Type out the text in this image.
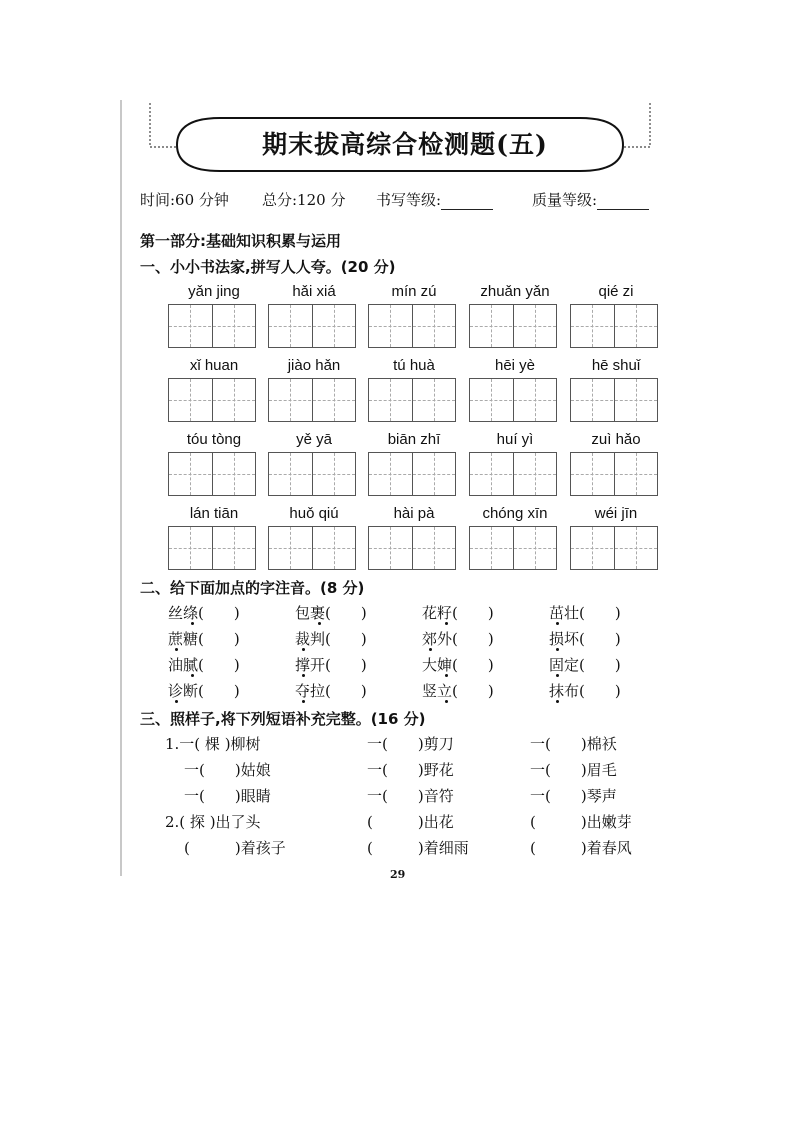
期末拔高综合检测题(五)
时间:60 分钟 总分:120 分 书写等级:	质量等级:
第一部分:基础知识积累与运用
一、小小书法家,拼写人人夸。(20 分)
yǎn jing	hǎi xiá	mín zú	zhuǎn yǎn	qié zi
xǐ huan	jiào hǎn	tú huà	hēi yè	hē shuǐ
tóu tòng	yě yā	biān zhī	huí yì	zuì hǎo
lán tiān	huǒ qiú	hài pà	chóng xīn	wéi jīn
二、给下面加点的字注音。(8 分)
丝绦(　　)	包裹(　　)	花籽(　　)	茁壮(　　)
蔗糖(　　)	裁判(　　)	郊外(　　)	损坏(　　)
油腻(　　)	撑开(　　)	大婶(　　)	固定(　　)
诊断(　　)	夺拉(　　)	竖立(　　)	抹布(　　)
三、照样子,将下列短语补充完整。(16 分)
1.一( 棵 )柳树	一(　　)剪刀	一(　　)棉袄
一(　　)姑娘	一(　　)野花	一(　　)眉毛
一(　　)眼睛	一(　　)音符	一(　　)琴声
2.( 探 )出了头	(　　　)出花	(　　　)出嫩芽
(　　　)着孩子	(　　　)着细雨	(　　　)着春风
29
